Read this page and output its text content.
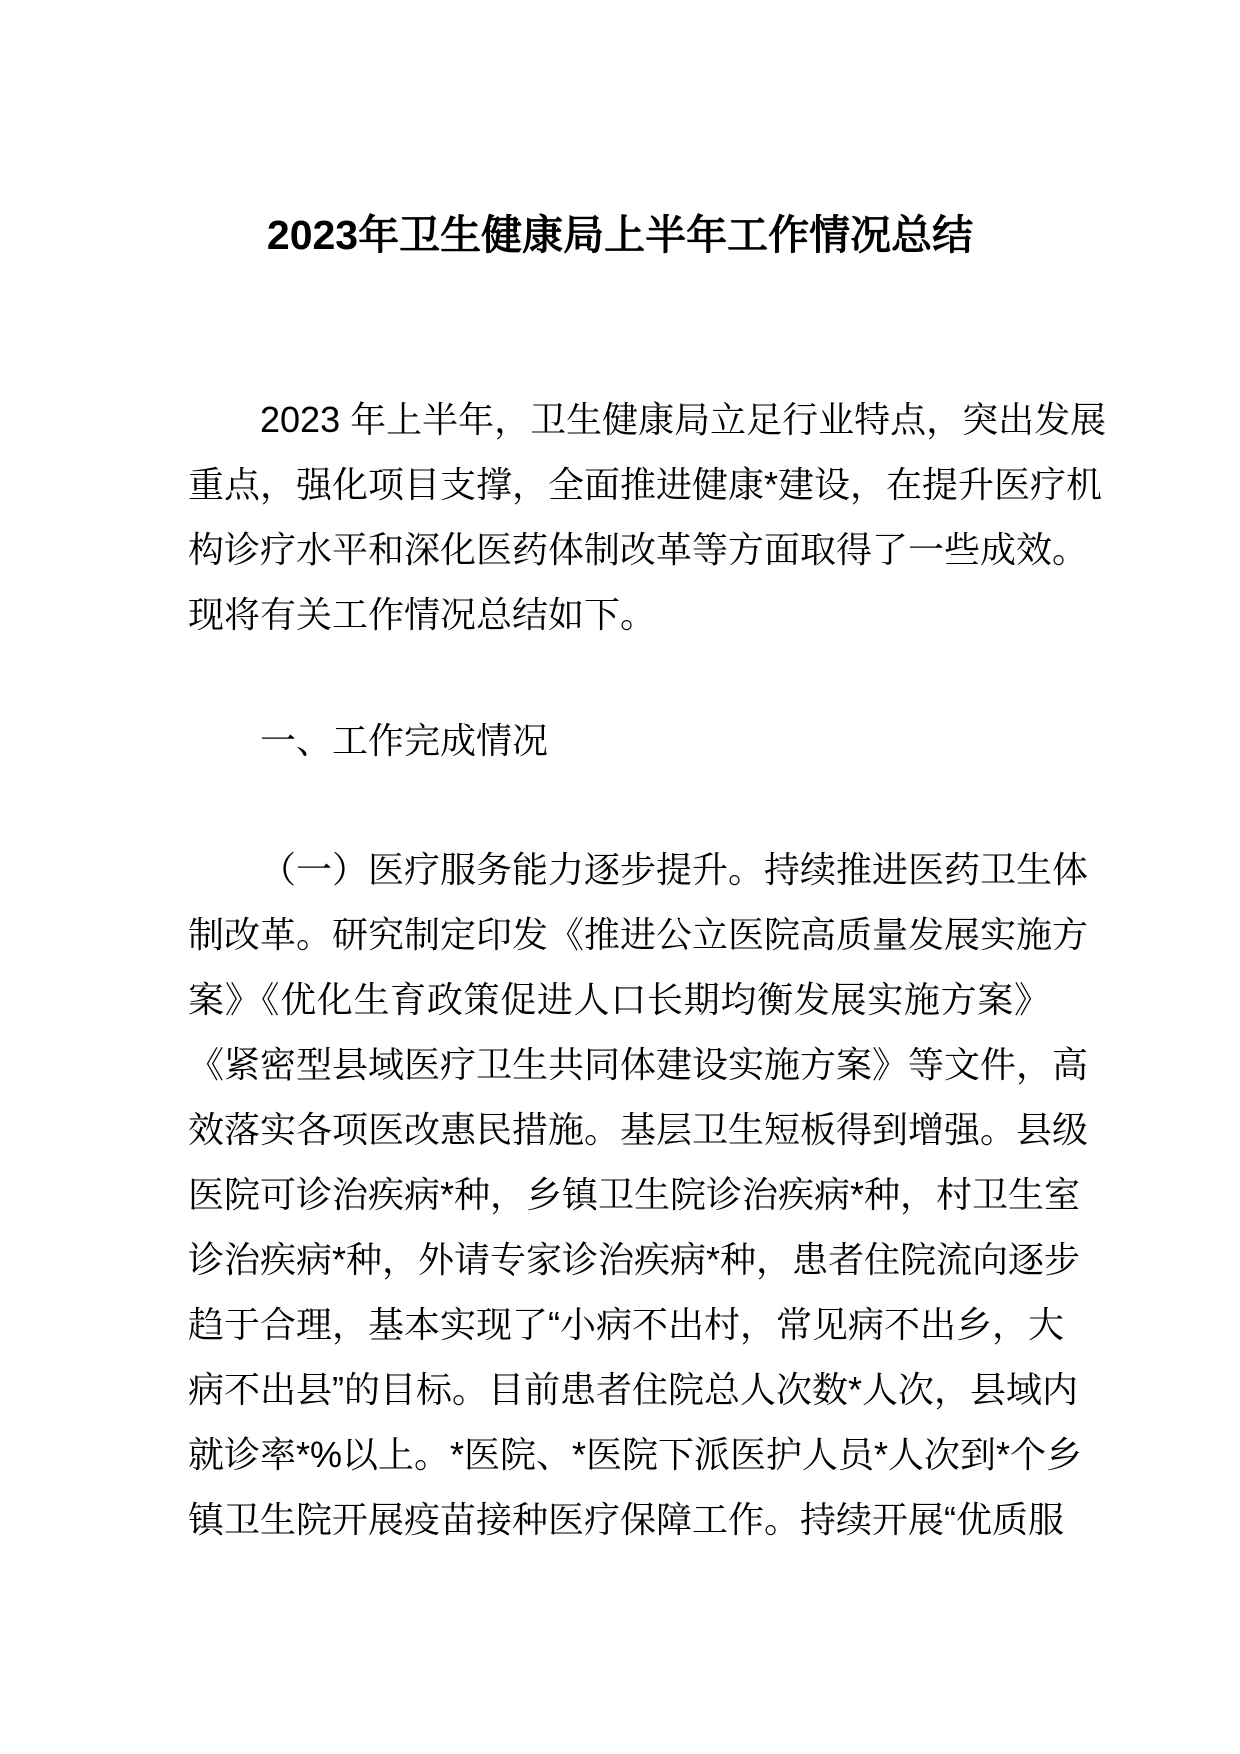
2023年卫生健康局上半年工作情况总结
2023 年上半年，卫生健康局立足行业特点，突出发展
重点，强化项目支撑，全面推进健康*建设，在提升医疗机
构诊疗水平和深化医药体制改革等方面取得了一些成效。
现将有关工作情况总结如下。
一、工作完成情况
（一）医疗服务能力逐步提升。持续推进医药卫生体
制改革。研究制定印发《推进公立医院高质量发展实施方
案》《优化生育政策促进人口长期均衡发展实施方案》
《紧密型县域医疗卫生共同体建设实施方案》等文件，高
效落实各项医改惠民措施。基层卫生短板得到增强。县级
医院可诊治疾病*种，乡镇卫生院诊治疾病*种，村卫生室
诊治疾病*种，外请专家诊治疾病*种，患者住院流向逐步
趋于合理，基本实现了“小病不出村，常见病不出乡，大
病不出县”的目标。目前患者住院总人次数*人次，县域内
就诊率*%以上。*医院、*医院下派医护人员*人次到*个乡
镇卫生院开展疫苗接种医疗保障工作。持续开展“优质服
